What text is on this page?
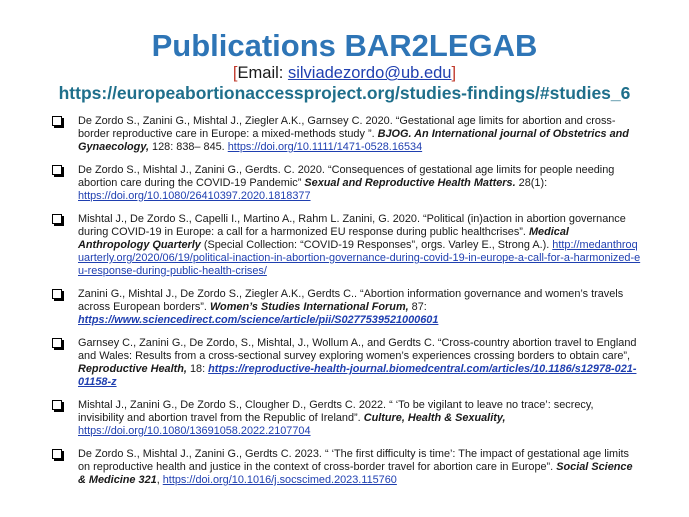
Publications BAR2LEGAB
[Email: silviadezordo@ub.edu]
https://europeabortionaccessproject.org/studies-findings/#studies_6
De Zordo S., Zanini G., Mishtal J., Ziegler A.K., Garnsey C. 2020. “Gestational age limits for abortion and cross-border reproductive care in Europe: a mixed-methods study ”. BJOG. An International journal of Obstetrics and Gynaecology, 128: 838– 845. https://doi.org/10.1111/1471-0528.16534
De Zordo S., Mishtal J., Zanini G., Gerdts. C. 2020. “Consequences of gestational age limits for people needing abortion care during the COVID-19 Pandemic” Sexual and Reproductive Health Matters. 28(1): https://doi.org/10.1080/26410397.2020.1818377
Mishtal J., De Zordo S., Capelli I., Martino A., Rahm L. Zanini, G. 2020. “Political (in)action in abortion governance during COVID-19 in Europe: a call for a harmonized EU response during public healthcrises”. Medical Anthropology Quarterly (Special Collection: “COVID-19 Responses”, orgs. Varley E., Strong A.). http://medanthroquarterly.org/2020/06/19/political-inaction-in-abortion-governance-during-covid-19-in-europe-a-call-for-a-harmonized-eu-response-during-public-health-crises/
Zanini G., Mishtal J., De Zordo S., Ziegler A.K., Gerdts C.. “Abortion information governance and women’s travels across European borders”. Women’s Studies International Forum, 87: https://www.sciencedirect.com/science/article/pii/S0277539521000601
Garnsey C., Zanini G., De Zordo, S., Mishtal, J., Wollum A., and Gerdts C. “Cross-country abortion travel to England and Wales: Results from a cross-sectional survey exploring women’s experiences crossing borders to obtain care”, Reproductive Health, 18: https://reproductive-health-journal.biomedcentral.com/articles/10.1186/s12978-021-01158-z
Mishtal J., Zanini G., De Zordo S., Clougher D., Gerdts C. 2022. “ ‘To be vigilant to leave no trace’: secrecy, invisibility and abortion travel from the Republic of Ireland”. Culture, Health & Sexuality, https://doi.org/10.1080/13691058.2022.2107704
De Zordo S., Mishtal J., Zanini G., Gerdts C. 2023. “ ‘The first difficulty is time’: The impact of gestational age limits on reproductive health and justice in the context of cross-border travel for abortion care in Europe”. Social Science & Medicine 321, https://doi.org/10.1016/j.socscimed.2023.115760
